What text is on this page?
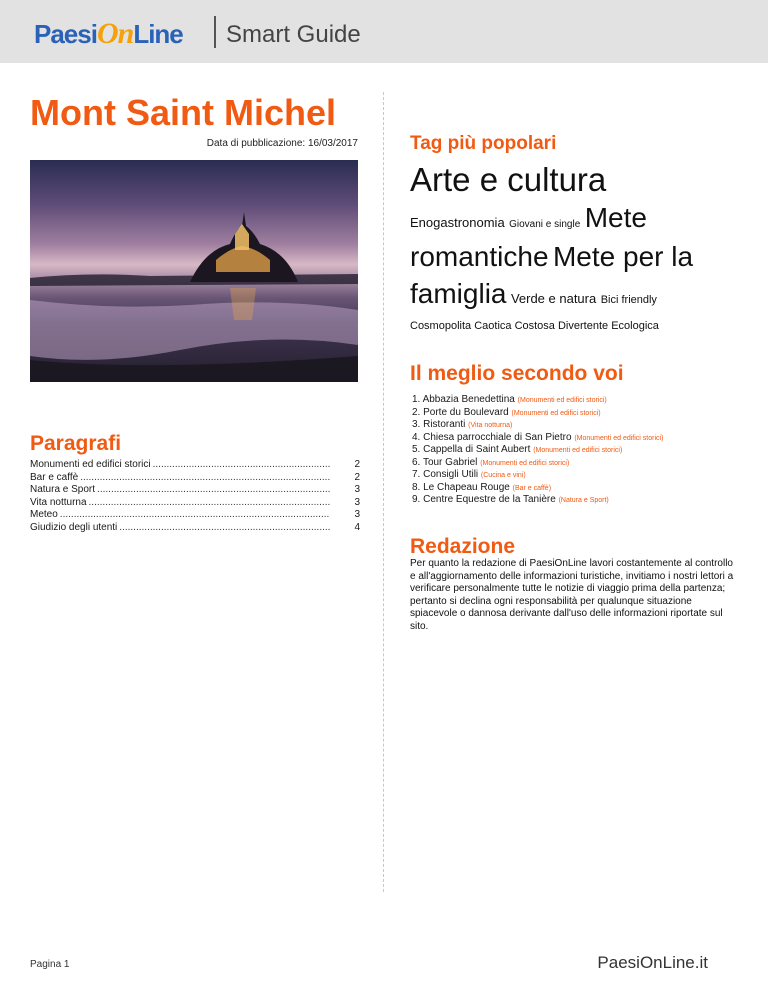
PaesiOnLine Smart Guide
Mont Saint Michel
Data di pubblicazione: 16/03/2017
Paragrafi
Monumenti ed edifici storici .....	2
Bar e caffè .....	2
Natura e Sport .....	3
Vita notturna .....	3
Meteo .....	3
Giudizio degli utenti .....	4
Tag più popolari
Arte e cultura
Enogastronomia Giovani e single Mete romantiche Mete per la famiglia Verde e natura Bici friendly
Cosmopolita Caotica Costosa Divertente Ecologica
Il meglio secondo voi
1. Abbazia Benedettina (Monumenti ed edifici storici)
2. Porte du Boulevard (Monumenti ed edifici storici)
3. Ristoranti (Vita notturna)
4. Chiesa parrocchiale di San Pietro (Monumenti ed edifici storici)
5. Cappella di Saint Aubert (Monumenti ed edifici storici)
6. Tour Gabriel (Monumenti ed edifici storici)
7. Consigli Utili (Cucina e vini)
8. Le Chapeau Rouge (Bar e caffè)
9. Centre Equestre de la Tanière (Natura e Sport)
Redazione
Per quanto la redazione di PaesiOnLine lavori costantemente al controllo e all'aggiornamento delle informazioni turistiche, invitiamo i nostri lettori a verificare personalmente tutte le notizie di viaggio prima della partenza; pertanto si declina ogni responsabilità per qualunque situazione spiacevole o dannosa derivante dall'uso delle informazioni riportate sul sito.
Pagina 1	PaesiOnLine.it
